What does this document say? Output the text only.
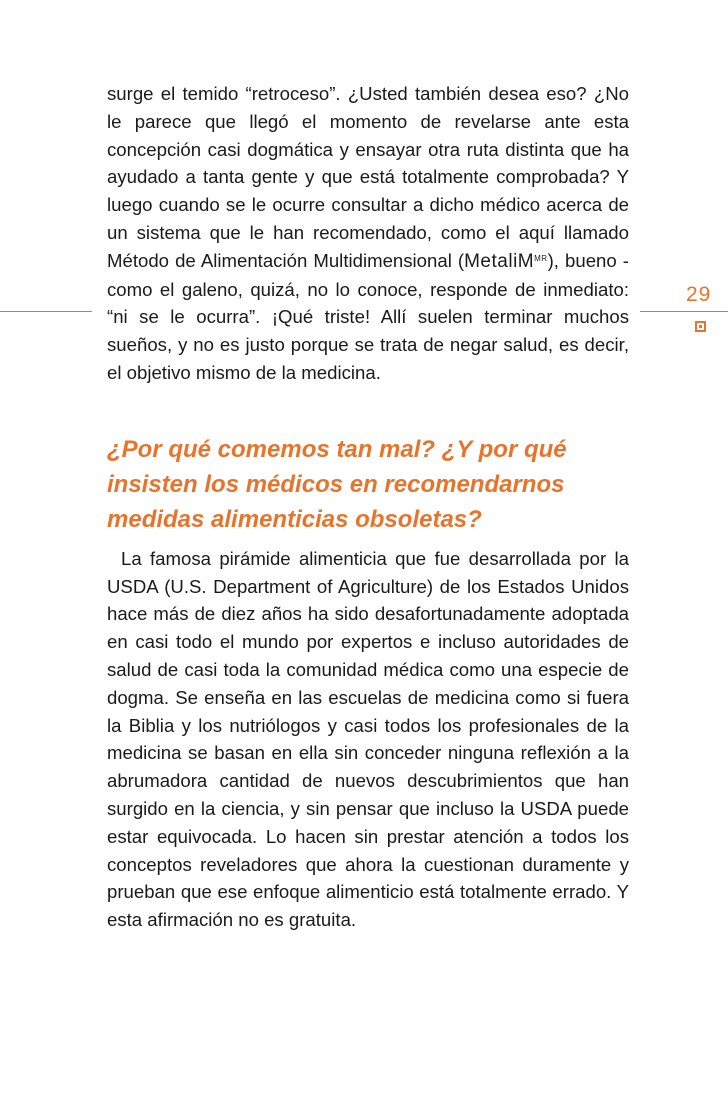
29

surge el temido “retroceso”. ¿Usted también desea eso? ¿No le parece que llegó el momento de revelarse ante esta concepción casi dogmática y ensayar otra ruta distinta que ha ayudado a tanta gente y que está totalmente comprobada? Y luego cuando se le ocurre consultar a dicho médico acerca de un sistema que le han recomendado, como el aquí llamado Método de Alimentación Multidimensional (MetaliM$^{MR}$), bueno - como el galeno, quizá, no lo conoce, responde de inmediato: “ni se le ocurra”. ¡Qué triste! Allí suelen terminar muchos sueños, y no es justo porque se trata de negar salud, es decir, el objetivo mismo de la medicina.

¿Por qué comemos tan mal? ¿Y por qué insisten los médicos en recomendarnos medidas alimenticias obsoletas?

La famosa pirámide alimenticia que fue desarrollada por la USDA (U.S. Department of Agriculture) de los Estados Unidos hace más de diez años ha sido desafortunadamente adoptada en casi todo el mundo por expertos e incluso autoridades de salud de casi toda la comunidad médica como una especie de dogma. Se enseña en las escuelas de medicina como si fuera la Biblia y los nutriólogos y casi todos los profesionales de la medicina se basan en ella sin conceder ninguna reflexión a la abrumadora cantidad de nuevos descubrimientos que han surgido en la ciencia, y sin pensar que incluso la USDA puede estar equivocada. Lo hacen sin prestar atención a todos los conceptos reveladores que ahora la cuestionan duramente y prueban que ese enfoque alimenticio está totalmente errado. Y esta afirmación no es gratuita.
